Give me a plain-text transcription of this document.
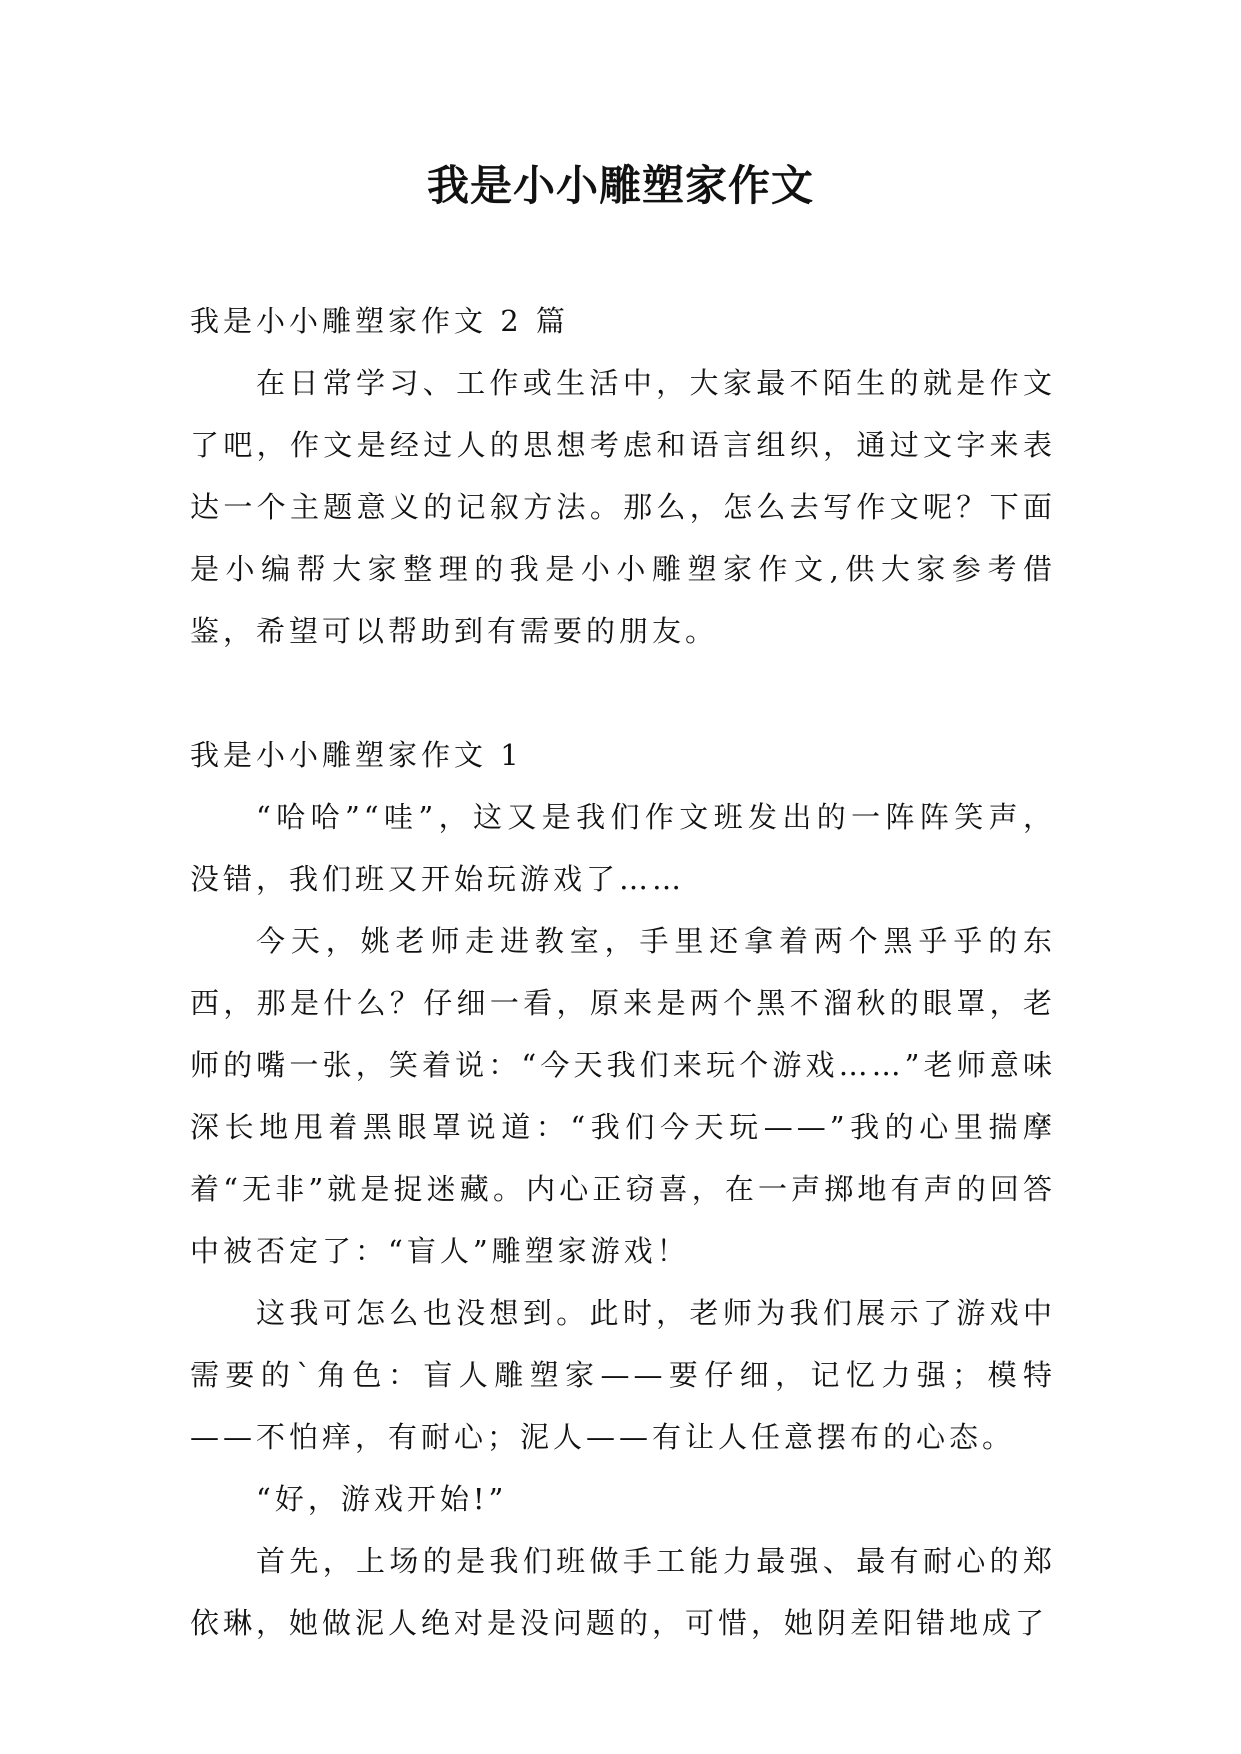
我是小小雕塑家作文

我是小小雕塑家作文 2 篇

在日常学习、工作或生活中，大家最不陌生的就是作文了吧，作文是经过人的思想考虑和语言组织，通过文字来表达一个主题意义的记叙方法。那么，怎么去写作文呢？下面是小编帮大家整理的我是小小雕塑家作文,供大家参考借鉴，希望可以帮助到有需要的朋友。

我是小小雕塑家作文 1

“哈哈”“哇”，这又是我们作文班发出的一阵阵笑声，没错，我们班又开始玩游戏了……

今天，姚老师走进教室，手里还拿着两个黑乎乎的东西，那是什么？仔细一看，原来是两个黑不溜秋的眼罩，老师的嘴一张，笑着说：“今天我们来玩个游戏……”老师意味深长地甩着黑眼罩说道：“我们今天玩——”我的心里揣摩着“无非”就是捉迷藏。内心正窃喜，在一声掷地有声的回答中被否定了：“盲人”雕塑家游戏！

这我可怎么也没想到。此时，老师为我们展示了游戏中需要的`角色：盲人雕塑家——要仔细，记忆力强；模特——不怕痒，有耐心；泥人——有让人任意摆布的心态。

“好，游戏开始!”

首先，上场的是我们班做手工能力最强、最有耐心的郑依琳，她做泥人绝对是没问题的，可惜，她阴差阳错地成了
